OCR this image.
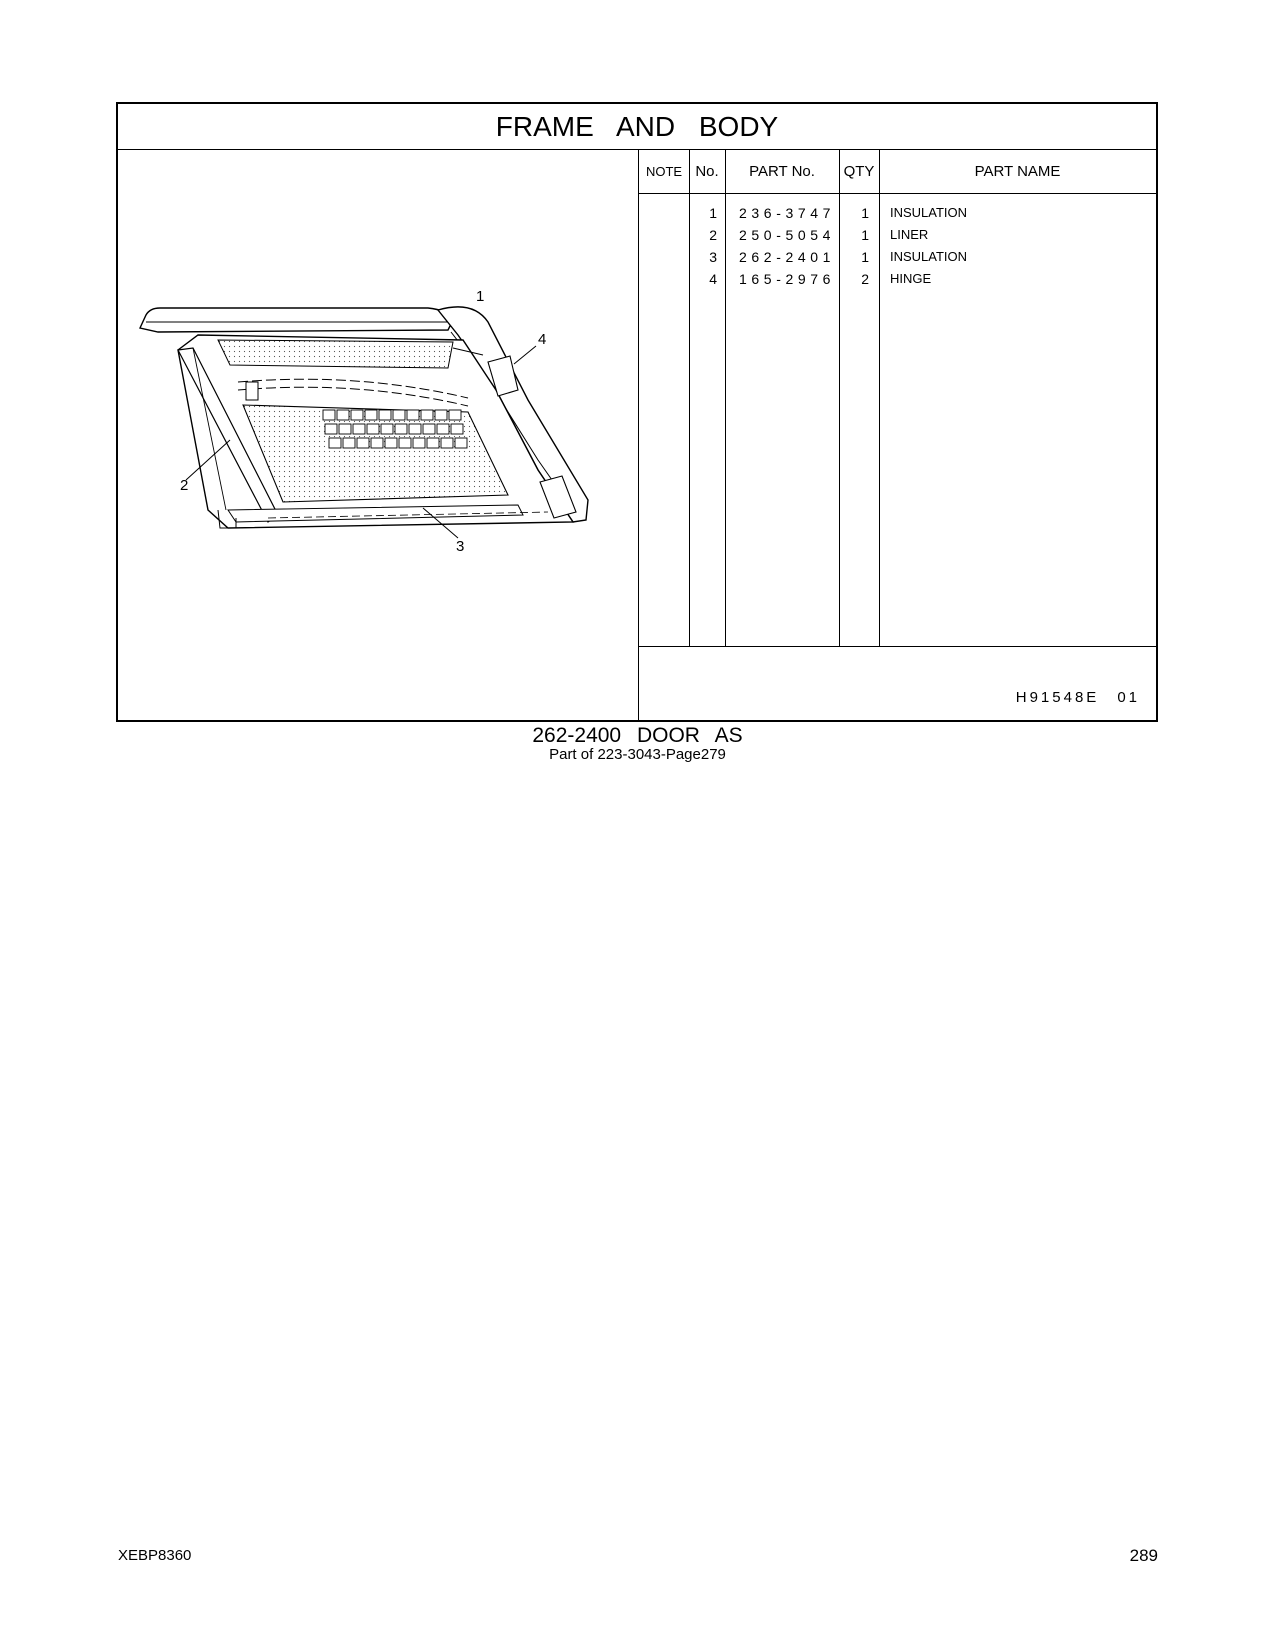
FRAME AND BODY
1
4
2
3
NOTE No.	PART No.	QTY	PART NAME
1	236-3747	1 INSULATION
2	250-5054	1 LINER
3	262-2401	1 INSULATION
4	165-2976	2 HINGE
H91548E 01
262-2400 DOOR AS
Part of 223-3043-Page279
XEBP8360	289
